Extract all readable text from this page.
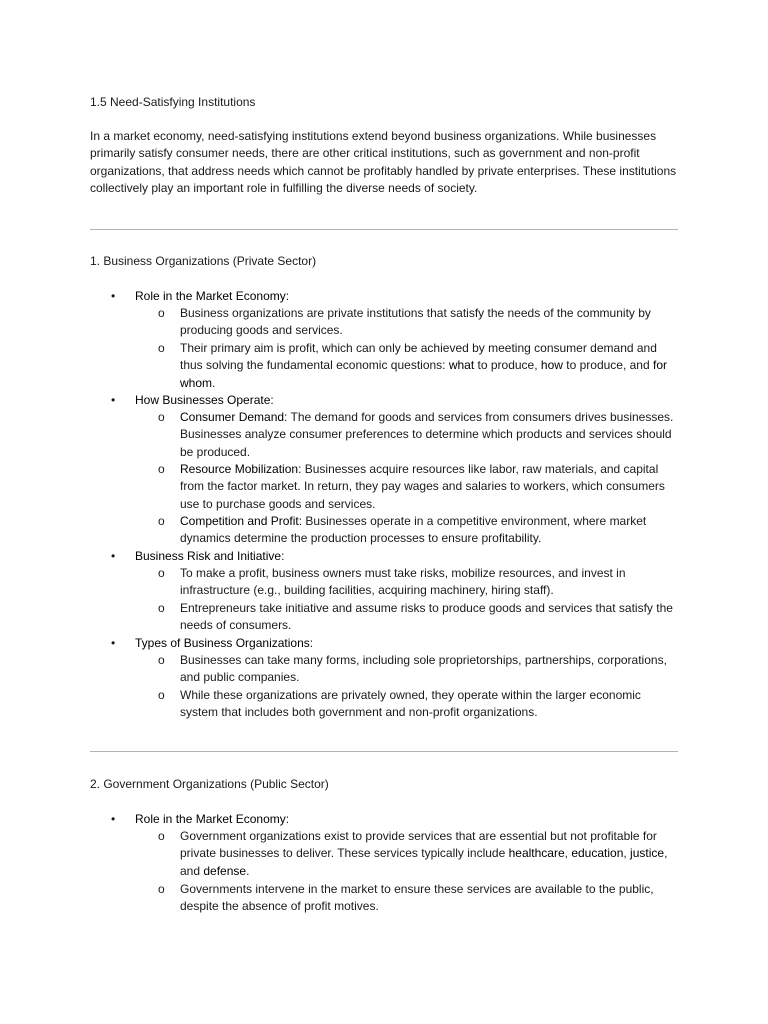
1.5 Need-Satisfying Institutions

In a market economy, need-satisfying institutions extend beyond business organizations. While businesses primarily satisfy consumer needs, there are other critical institutions, such as government and non-profit organizations, that address needs which cannot be profitably handled by private enterprises. These institutions collectively play an important role in fulfilling the diverse needs of society.

1. Business Organizations (Private Sector)
• Role in the Market Economy:
o Business organizations are private institutions that satisfy the needs of the community by producing goods and services.
o Their primary aim is profit, which can only be achieved by meeting consumer demand and thus solving the fundamental economic questions: what to produce, how to produce, and for whom.
• How Businesses Operate:
o Consumer Demand: The demand for goods and services from consumers drives businesses. Businesses analyze consumer preferences to determine which products and services should be produced.
o Resource Mobilization: Businesses acquire resources like labor, raw materials, and capital from the factor market. In return, they pay wages and salaries to workers, which consumers use to purchase goods and services.
o Competition and Profit: Businesses operate in a competitive environment, where market dynamics determine the production processes to ensure profitability.
• Business Risk and Initiative:
o To make a profit, business owners must take risks, mobilize resources, and invest in infrastructure (e.g., building facilities, acquiring machinery, hiring staff).
o Entrepreneurs take initiative and assume risks to produce goods and services that satisfy the needs of consumers.
• Types of Business Organizations:
o Businesses can take many forms, including sole proprietorships, partnerships, corporations, and public companies.
o While these organizations are privately owned, they operate within the larger economic system that includes both government and non-profit organizations.
2. Government Organizations (Public Sector)
• Role in the Market Economy:
o Government organizations exist to provide services that are essential but not profitable for private businesses to deliver. These services typically include healthcare, education, justice, and defense.
o Governments intervene in the market to ensure these services are available to the public, despite the absence of profit motives.
